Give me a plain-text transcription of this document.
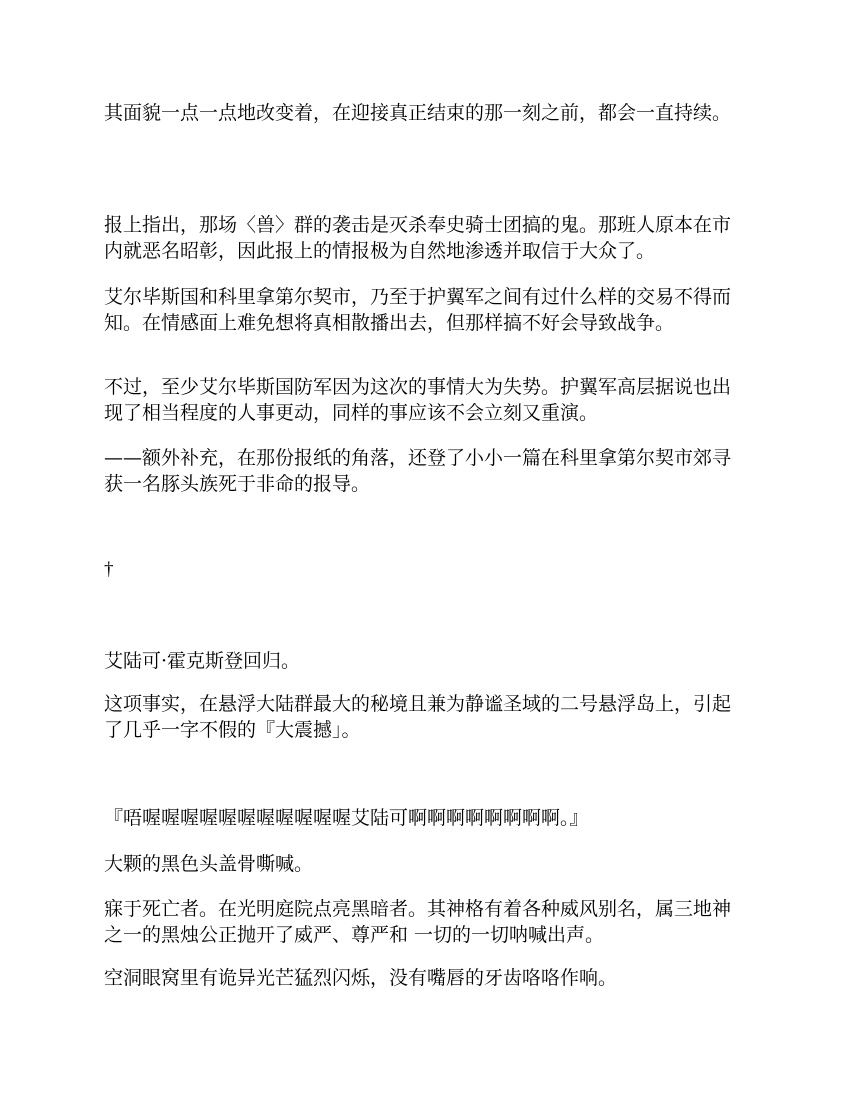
其面貌一点一点地改变着，在迎接真正结束的那一刻之前，都会一直持续。

报上指出，那场〈兽〉群的袭击是灭杀奉史骑士团搞的鬼。那班人原本在市内就恶名昭彰，因此报上的情报极为自然地渗透并取信于大众了。

艾尔毕斯国和科里拿第尔契市，乃至于护翼军之间有过什么样的交易不得而知。在情感面上难免想将真相散播出去，但那样搞不好会导致战争。

不过，至少艾尔毕斯国防军因为这次的事情大为失势。护翼军高层据说也出现了相当程度的人事更动，同样的事应该不会立刻又重演。

——额外补充，在那份报纸的角落，还登了小小一篇在科里拿第尔契市郊寻获一名豚头族死于非命的报导。

†

艾陆可·霍克斯登回归。

这项事实，在悬浮大陆群最大的秘境且兼为静谧圣域的二号悬浮岛上，引起了几乎一字不假的『大震撼」。

『唔喔喔喔喔喔喔喔喔喔喔喔艾陆可啊啊啊啊啊啊啊啊。』

大颗的黑色头盖骨嘶喊。

寐于死亡者。在光明庭院点亮黑暗者。其神格有着各种威风别名，属三地神之一的黑烛公正抛开了威严、尊严和 一切的一切呐喊出声。

空洞眼窝里有诡异光芒猛烈闪烁，没有嘴唇的牙齿咯咯作响。
